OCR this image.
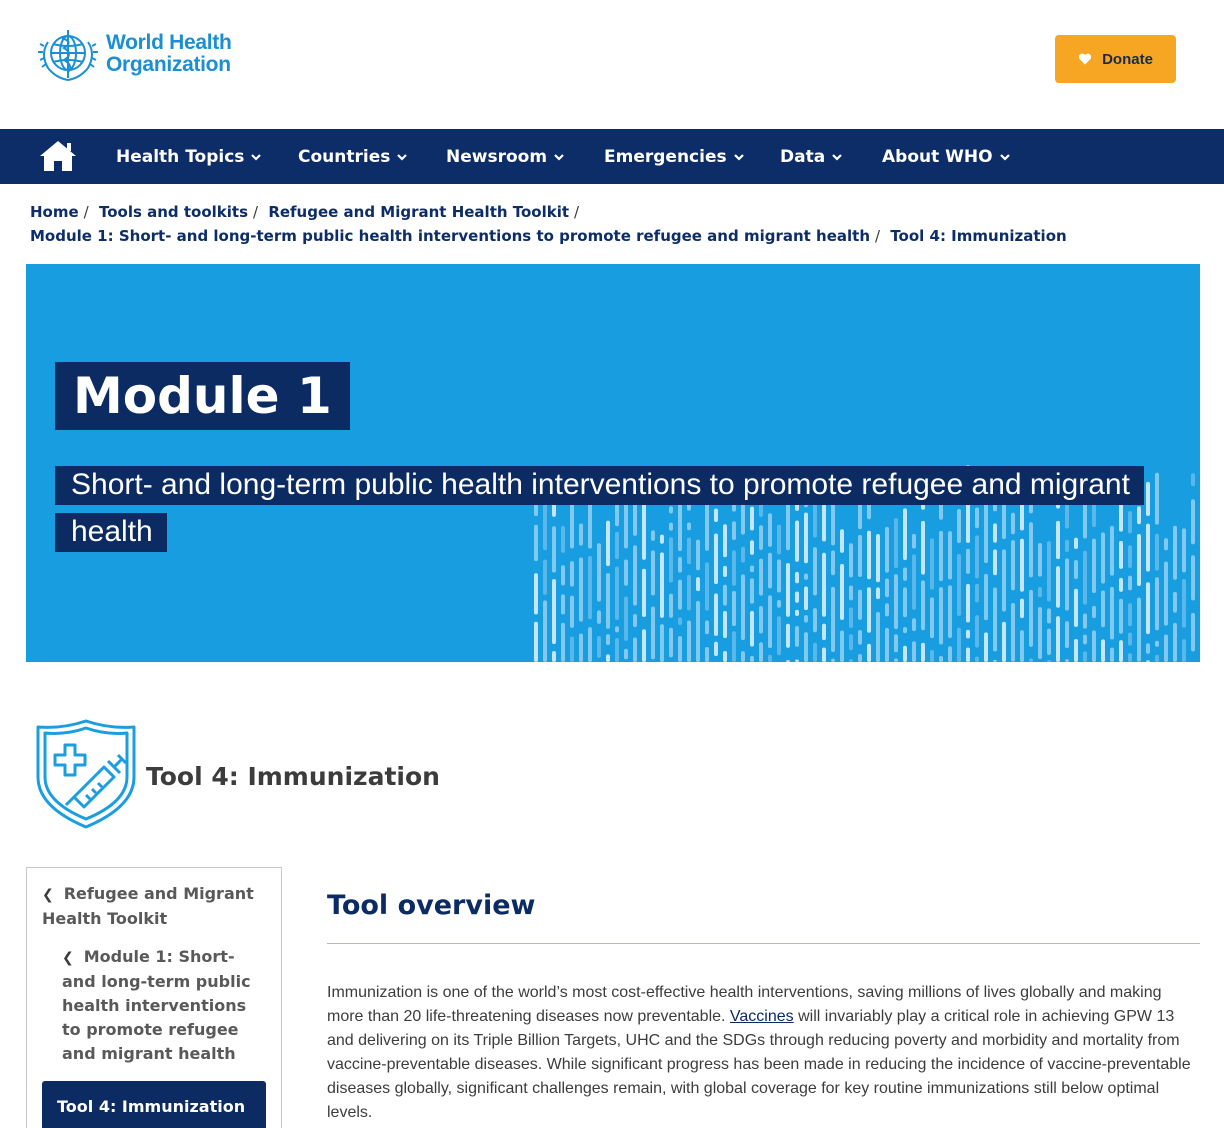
World Health
Organization	Donate
Health Topics	Countries	Newsroom	Emergencies	Data	About WHO
Home / Tools and toolkits / Refugee and Migrant Health Toolkit /
Module 1: Short- and long-term public health interventions to promote refugee and migrant health / Tool 4: Immunization
Module 1
Short- and long-term public health interventions to promote refugee and migrant health
Tool 4: Immunization
❮ Refugee and Migrant Health Toolkit
❮ Module 1: Short- and long-term public health interventions to promote refugee and migrant health
Tool 4: Immunization
Tool overview

Immunization is one of the world’s most cost-effective health interventions, saving millions of lives globally and making more than 20 life-threatening diseases now preventable. Vaccines will invariably play a critical role in achieving GPW 13 and delivering on its Triple Billion Targets, UHC and the SDGs through reducing poverty and morbidity and mortality from vaccine-preventable diseases. While significant progress has been made in reducing the incidence of vaccine-preventable diseases globally, significant challenges remain, with global coverage for key routine immunizations still below optimal levels.
